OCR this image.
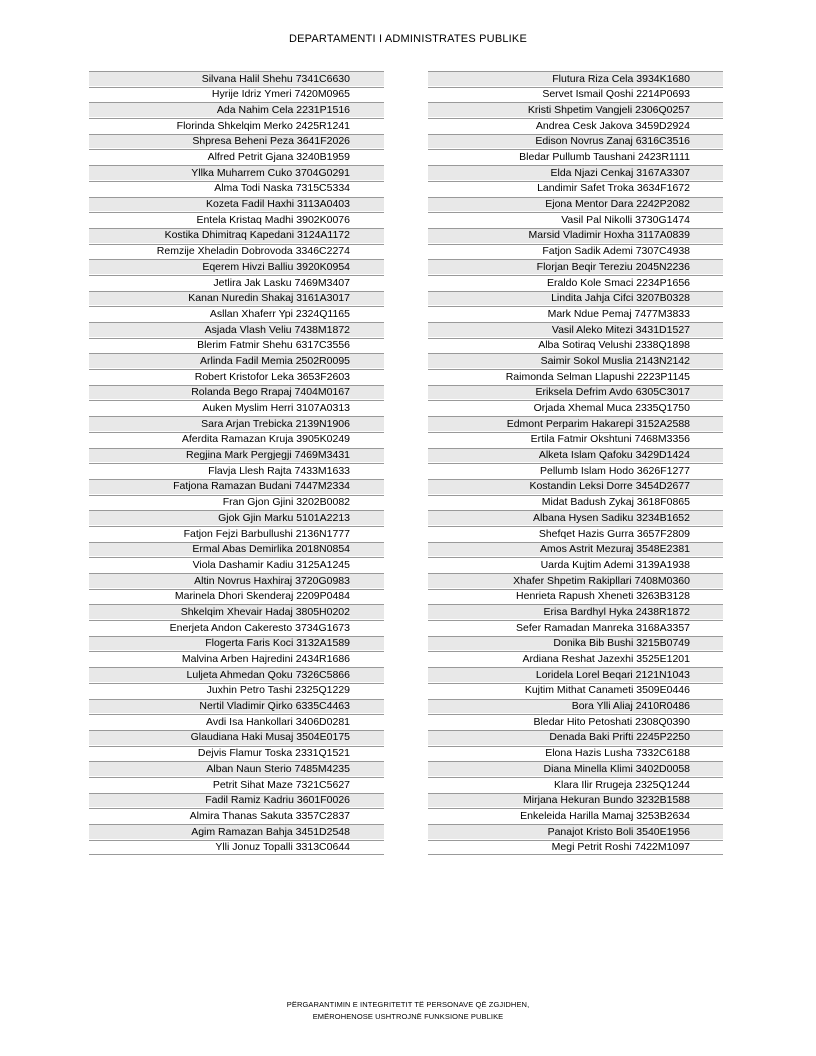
DEPARTAMENTI I ADMINISTRATES PUBLIKE
Silvana Halil Shehu 7341C6630
Hyrije Idriz Ymeri 7420M0965
Ada Nahim Cela 2231P1516
Florinda Shkelqim Merko 2425R1241
Shpresa Beheni Peza 3641F2026
Alfred Petrit Gjana 3240B1959
Yllka Muharrem Cuko 3704G0291
Alma Todi Naska 7315C5334
Kozeta Fadil Haxhi 3113A0403
Entela Kristaq Madhi 3902K0076
Kostika Dhimitraq Kapedani 3124A1172
Remzije Xheladin Dobrovoda 3346C2274
Eqerem Hivzi Balliu 3920K0954
Jetlira Jak Lasku 7469M3407
Kanan Nuredin Shakaj 3161A3017
Asllan Xhaferr Ypi 2324Q1165
Asjada Vlash Veliu 7438M1872
Blerim Fatmir Shehu 6317C3556
Arlinda Fadil Memia 2502R0095
Robert Kristofor Leka 3653F2603
Rolanda Bego Rrapaj 7404M0167
Auken Myslim Herri 3107A0313
Sara Arjan Trebicka 2139N1906
Aferdita Ramazan Kruja 3905K0249
Regjina Mark Pergjegji 7469M3431
Flavja Llesh Rajta 7433M1633
Fatjona Ramazan Budani 7447M2334
Fran Gjon Gjini 3202B0082
Gjok Gjin Marku 5101A2213
Fatjon Fejzi Barbullushi 2136N1777
Ermal Abas Demirlika 2018N0854
Viola Dashamir Kadiu 3125A1245
Altin Novrus Haxhiraj 3720G0983
Marinela Dhori Skenderaj 2209P0484
Shkelqim Xhevair Hadaj 3805H0202
Enerjeta Andon Cakeresto 3734G1673
Flogerta Faris Koci 3132A1589
Malvina Arben Hajredini 2434R1686
Luljeta Ahmedan Qoku 7326C5866
Juxhin Petro Tashi 2325Q1229
Nertil Vladimir Qirko 6335C4463
Avdi Isa Hankollari 3406D0281
Glaudiana Haki Musaj 3504E0175
Dejvis Flamur Toska 2331Q1521
Alban Naun Sterio 7485M4235
Petrit Sihat Maze 7321C5627
Fadil Ramiz Kadriu 3601F0026
Almira Thanas Sakuta 3357C2837
Agim Ramazan Bahja 3451D2548
Ylli Jonuz Topalli 3313C0644
Flutura Riza Cela 3934K1680
Servet Ismail Qoshi 2214P0693
Kristi Shpetim Vangjeli 2306Q0257
Andrea Cesk Jakova 3459D2924
Edison Novrus Zanaj 6316C3516
Bledar Pullumb Taushani 2423R1111
Elda Njazi Cenkaj 3167A3307
Landimir Safet Troka 3634F1672
Ejona Mentor Dara 2242P2082
Vasil Pal Nikolli 3730G1474
Marsid Vladimir Hoxha 3117A0839
Fatjon Sadik Ademi 7307C4938
Florjan Beqir Tereziu 2045N2236
Eraldo Kole Smaci 2234P1656
Lindita Jahja Cifci 3207B0328
Mark Ndue Pemaj 7477M3833
Vasil Aleko Mitezi 3431D1527
Alba Sotiraq Velushi 2338Q1898
Saimir Sokol Muslia 2143N2142
Raimonda Selman Llapushi 2223P1145
Eriksela Defrim Avdo 6305C3017
Orjada Xhemal Muca 2335Q1750
Edmont Perparim Hakarepi 3152A2588
Ertila Fatmir Okshtuni 7468M3356
Alketa Islam Qafoku 3429D1424
Pellumb Islam Hodo 3626F1277
Kostandin Leksi Dorre 3454D2677
Midat Badush Zykaj 3618F0865
Albana Hysen Sadiku 3234B1652
Shefqet Hazis Gurra 3657F2809
Amos Astrit Mezuraj 3548E2381
Uarda Kujtim Ademi 3139A1938
Xhafer Shpetim Rakipllari 7408M0360
Henrieta Rapush Xheneti 3263B3128
Erisa Bardhyl Hyka 2438R1872
Sefer Ramadan Manreka 3168A3357
Donika Bib Bushi 3215B0749
Ardiana Reshat Jazexhi 3525E1201
Loridela Lorel Beqari 2121N1043
Kujtim Mithat Canameti 3509E0446
Bora Ylli Aliaj 2410R0486
Bledar Hito Petoshati 2308Q0390
Denada Baki Prifti 2245P2250
Elona Hazis Lusha 7332C6188
Diana Minella Klimi 3402D0058
Klara Ilir Rrugeja 2325Q1244
Mirjana Hekuran Bundo 3232B1588
Enkeleida Harilla Mamaj 3253B2634
Panajot Kristo Boli 3540E1956
Megi Petrit Roshi 7422M1097
PËRGARANTIMIN E INTEGRITETIT TË PERSONAVE QË ZGJIDHEN,
EMËROHENOSE USHTROJNË FUNKSIONE PUBLIKE
